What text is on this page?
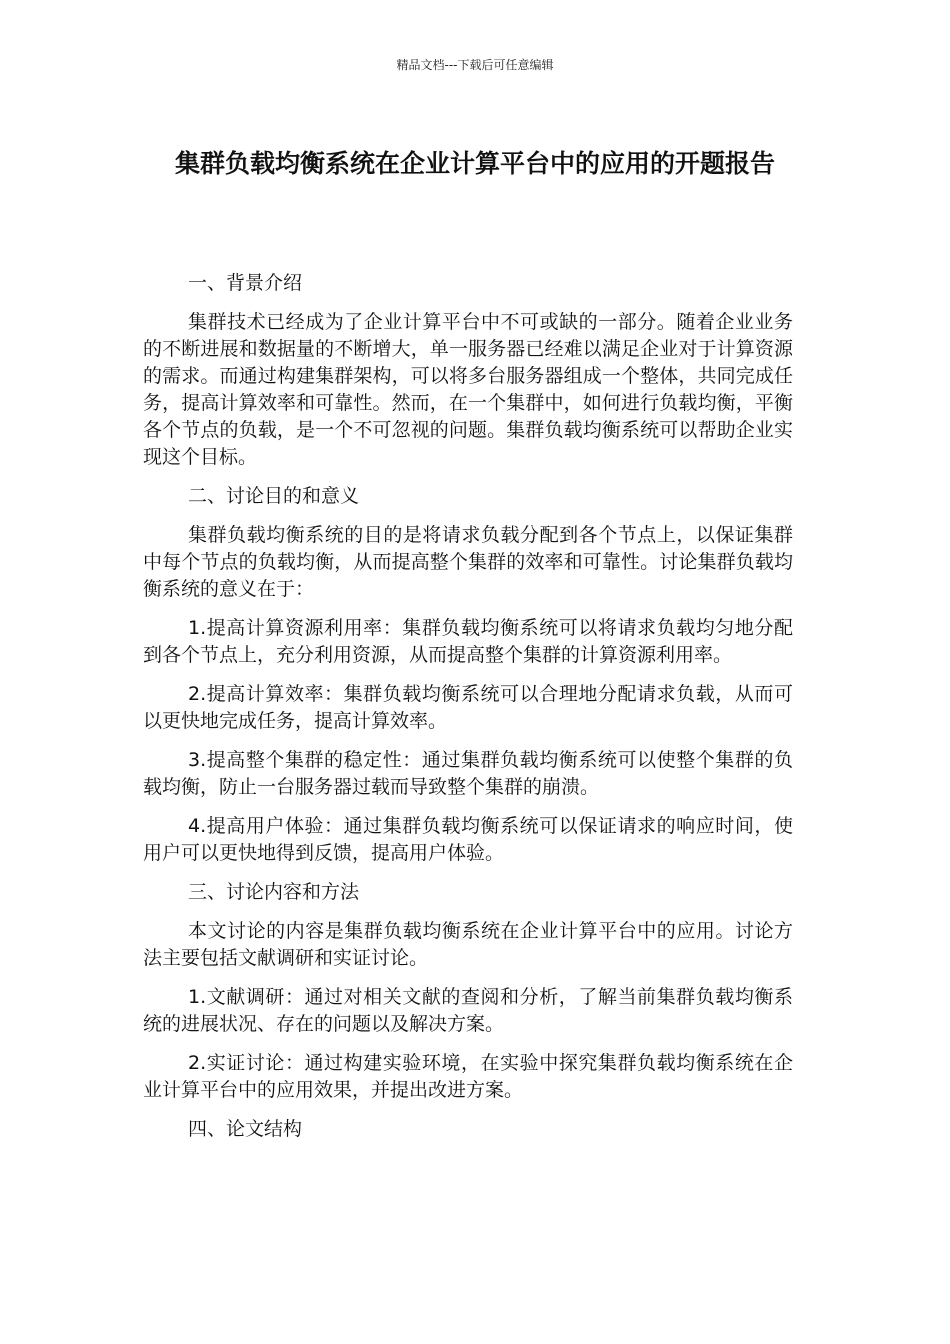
精品文档---下载后可任意编辑
集群负载均衡系统在企业计算平台中的应用的开题报告

一、背景介绍

集群技术已经成为了企业计算平台中不可或缺的一部分。随着企业业务的不断进展和数据量的不断增大，单一服务器已经难以满足企业对于计算资源的需求。而通过构建集群架构，可以将多台服务器组成一个整体，共同完成任务，提高计算效率和可靠性。然而，在一个集群中，如何进行负载均衡，平衡各个节点的负载，是一个不可忽视的问题。集群负载均衡系统可以帮助企业实现这个目标。

二、讨论目的和意义

集群负载均衡系统的目的是将请求负载分配到各个节点上，以保证集群中每个节点的负载均衡，从而提高整个集群的效率和可靠性。讨论集群负载均衡系统的意义在于：

1.提高计算资源利用率：集群负载均衡系统可以将请求负载均匀地分配到各个节点上，充分利用资源，从而提高整个集群的计算资源利用率。

2.提高计算效率：集群负载均衡系统可以合理地分配请求负载，从而可以更快地完成任务，提高计算效率。

3.提高整个集群的稳定性：通过集群负载均衡系统可以使整个集群的负载均衡，防止一台服务器过载而导致整个集群的崩溃。

4.提高用户体验：通过集群负载均衡系统可以保证请求的响应时间，使用户可以更快地得到反馈，提高用户体验。

三、讨论内容和方法

本文讨论的内容是集群负载均衡系统在企业计算平台中的应用。讨论方法主要包括文献调研和实证讨论。

1.文献调研：通过对相关文献的查阅和分析，了解当前集群负载均衡系统的进展状况、存在的问题以及解决方案。

2.实证讨论：通过构建实验环境，在实验中探究集群负载均衡系统在企业计算平台中的应用效果，并提出改进方案。

四、论文结构
